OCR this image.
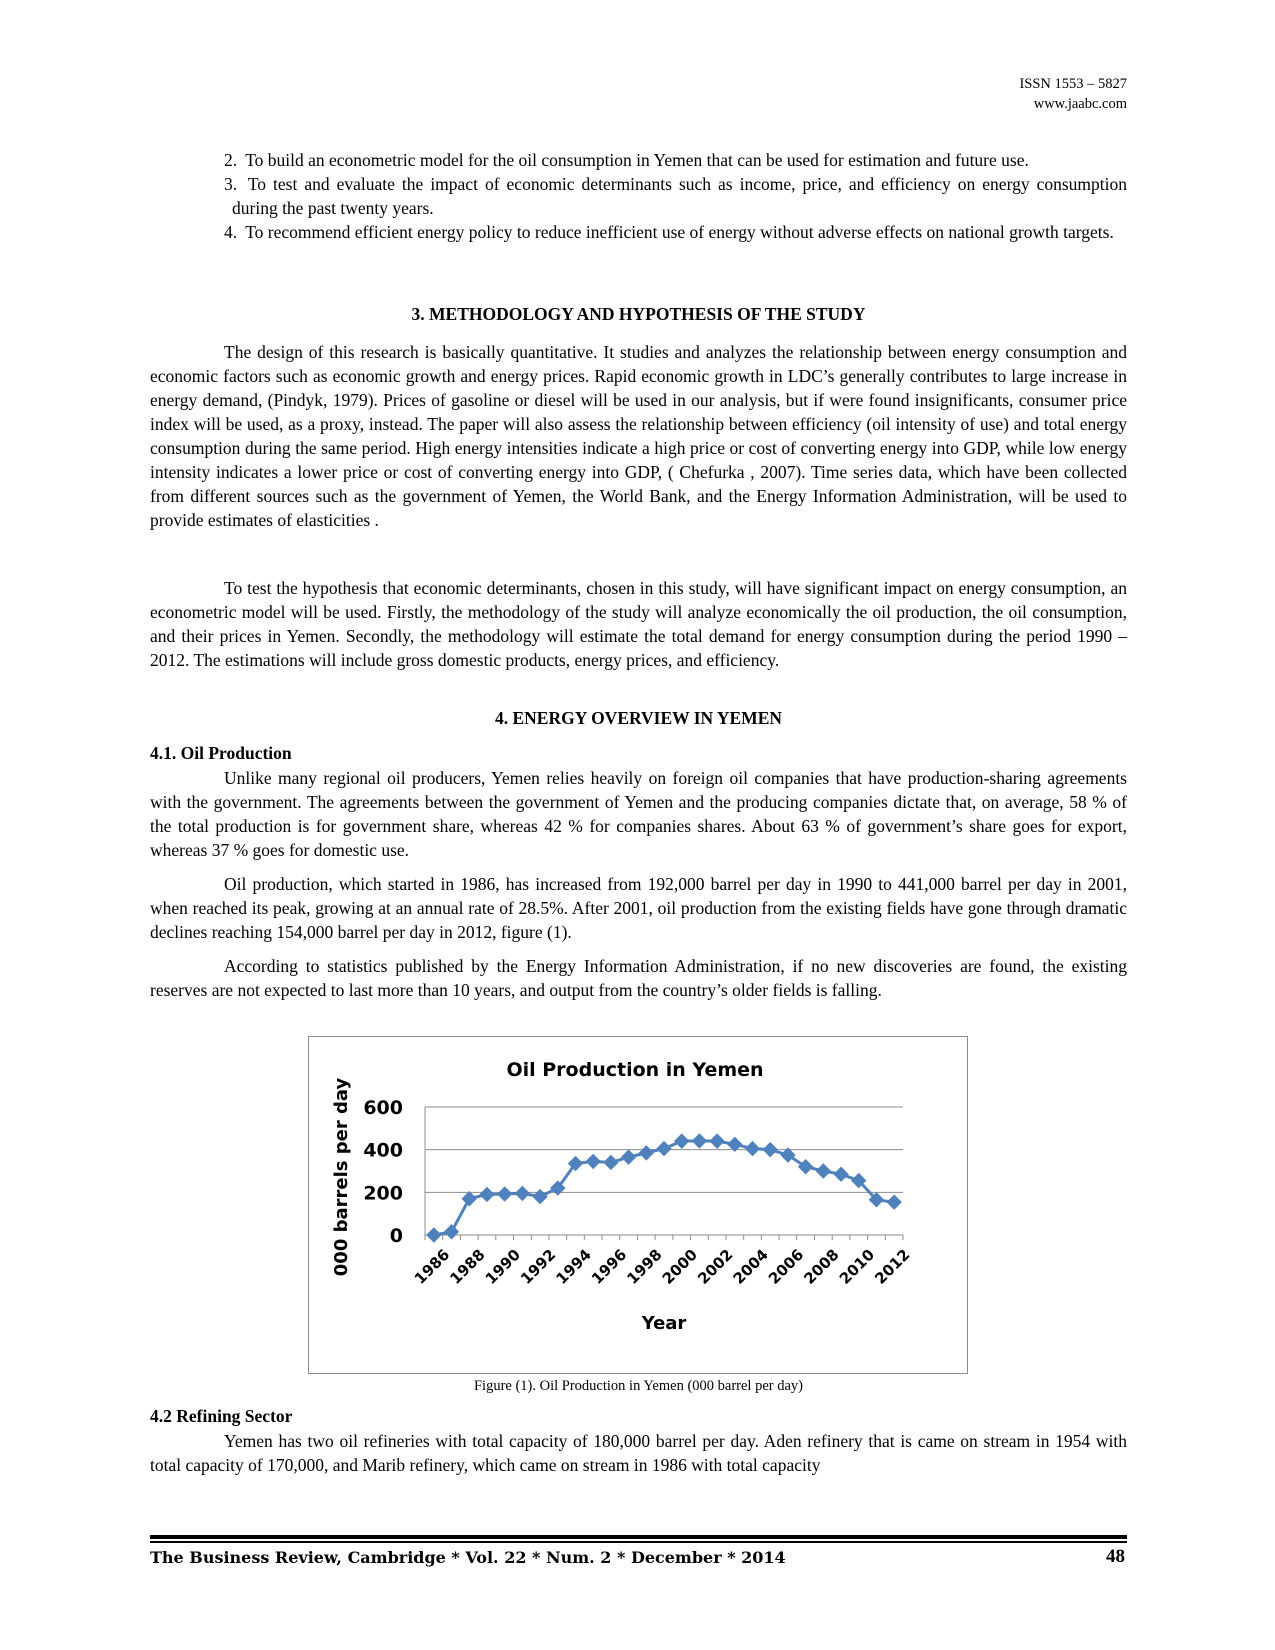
ISSN 1553 – 5827
www.jaabc.com
2. To build an econometric model for the oil consumption in Yemen that can be used for estimation and future use.
3. To test and evaluate the impact of economic determinants such as income, price, and efficiency on energy consumption during the past twenty years.
4. To recommend efficient energy policy to reduce inefficient use of energy without adverse effects on national growth targets.
3. METHODOLOGY AND HYPOTHESIS OF THE STUDY

The design of this research is basically quantitative. It studies and analyzes the relationship between energy consumption and economic factors such as economic growth and energy prices. Rapid economic growth in LDC’s generally contributes to large increase in energy demand, (Pindyk, 1979). Prices of gasoline or diesel will be used in our analysis, but if were found insignificants, consumer price index will be used, as a proxy, instead. The paper will also assess the relationship between efficiency (oil intensity of use) and total energy consumption during the same period. High energy intensities indicate a high price or cost of converting energy into GDP, while low energy intensity indicates a lower price or cost of converting energy into GDP, ( Chefurka , 2007). Time series data, which have been collected from different sources such as the government of Yemen, the World Bank, and the Energy Information Administration, will be used to provide estimates of elasticities .

To test the hypothesis that economic determinants, chosen in this study, will have significant impact on energy consumption, an econometric model will be used. Firstly, the methodology of the study will analyze economically the oil production, the oil consumption, and their prices in Yemen. Secondly, the methodology will estimate the total demand for energy consumption during the period 1990 – 2012. The estimations will include gross domestic products, energy prices, and efficiency.

4. ENERGY OVERVIEW IN YEMEN
4.1. Oil Production

Unlike many regional oil producers, Yemen relies heavily on foreign oil companies that have production-sharing agreements with the government. The agreements between the government of Yemen and the producing companies dictate that, on average, 58 % of the total production is for government share, whereas 42 % for companies shares. About 63 % of government’s share goes for export, whereas 37 % goes for domestic use.

Oil production, which started in 1986, has increased from 192,000 barrel per day in 1990 to 441,000 barrel per day in 2001, when reached its peak, growing at an annual rate of 28.5%. After 2001, oil production from the existing fields have gone through dramatic declines reaching 154,000 barrel per day in 2012, figure (1).

According to statistics published by the Energy Information Administration, if no new discoveries are found, the existing reserves are not expected to last more than 10 years, and output from the country’s older fields is falling.

Oil Production in Yemen
0
200
400
600
1986
1988
1990
1992
1994
1996
1998
2000
2002
2004
2006
2008
2010
2012
000 barrels per day
Year
Figure (1). Oil Production in Yemen (000 barrel per day)
4.2 Refining Sector

Yemen has two oil refineries with total capacity of 180,000 barrel per day. Aden refinery that is came on stream in 1954 with total capacity of 170,000, and Marib refinery, which came on stream in 1986 with total capacity

The Business Review, Cambridge * Vol. 22 * Num. 2 * December * 2014	48
